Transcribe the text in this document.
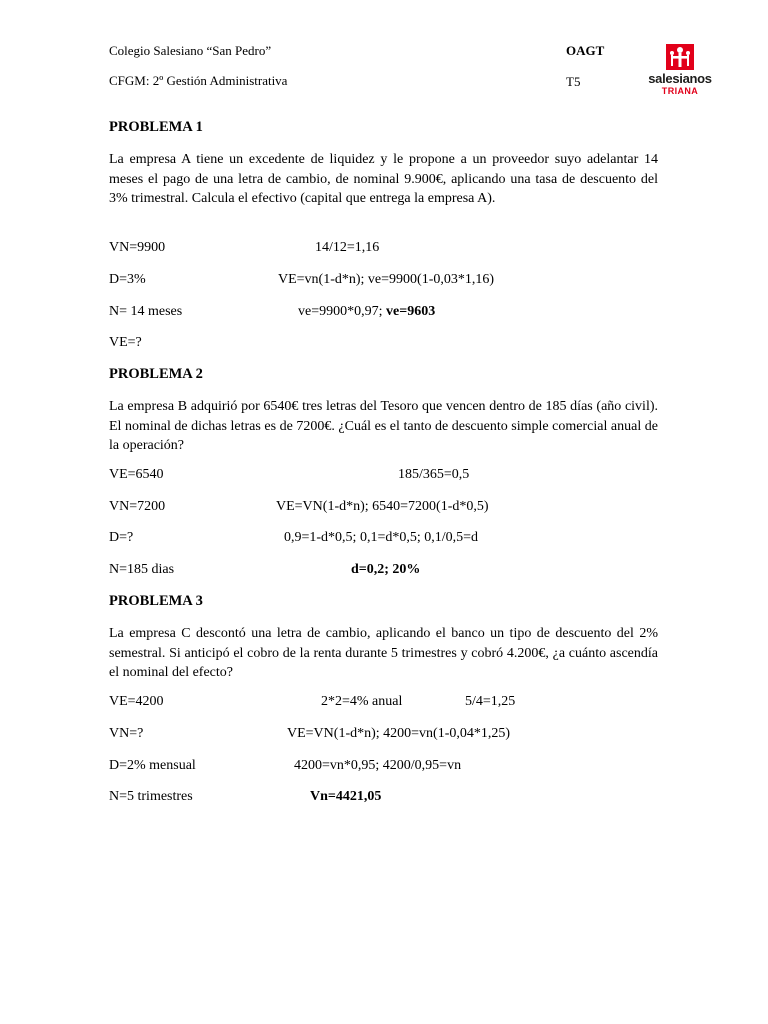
Colegio Salesiano “San Pedro”
CFGM: 2º Gestión Administrativa
OAGT
T5	salesianos
TRIANA
PROBLEMA 1
La empresa A tiene un excedente de liquidez y le propone a un proveedor suyo adelantar 14 meses el pago de una letra de cambio, de nominal 9.900€, aplicando una tasa de descuento del 3% trimestral. Calcula el efectivo (capital que entrega la empresa A).
VN=9900	14/12=1,16
D=3%	VE=vn(1-d*n); ve=9900(1-0,03*1,16)
N= 14 meses	ve=9900*0,97; ve=9603
VE=?
PROBLEMA 2
La empresa B adquirió por 6540€ tres letras del Tesoro que vencen dentro de 185 días (año civil). El nominal de dichas letras es de 7200€. ¿Cuál es el tanto de descuento simple comercial anual de la operación?
VE=6540	185/365=0,5
VN=7200	VE=VN(1-d*n); 6540=7200(1-d*0,5)
D=?	0,9=1-d*0,5; 0,1=d*0,5; 0,1/0,5=d
N=185 dias	d=0,2; 20%
PROBLEMA 3
La empresa C descontó una letra de cambio, aplicando el banco un tipo de descuento del 2% semestral. Si anticipó el cobro de la renta durante 5 trimestres y cobró 4.200€, ¿a cuánto ascendía el nominal del efecto?
VE=4200	2*2=4% anual	5/4=1,25
VN=?	VE=VN(1-d*n); 4200=vn(1-0,04*1,25)
D=2% mensual	4200=vn*0,95; 4200/0,95=vn
N=5 trimestres	Vn=4421,05
